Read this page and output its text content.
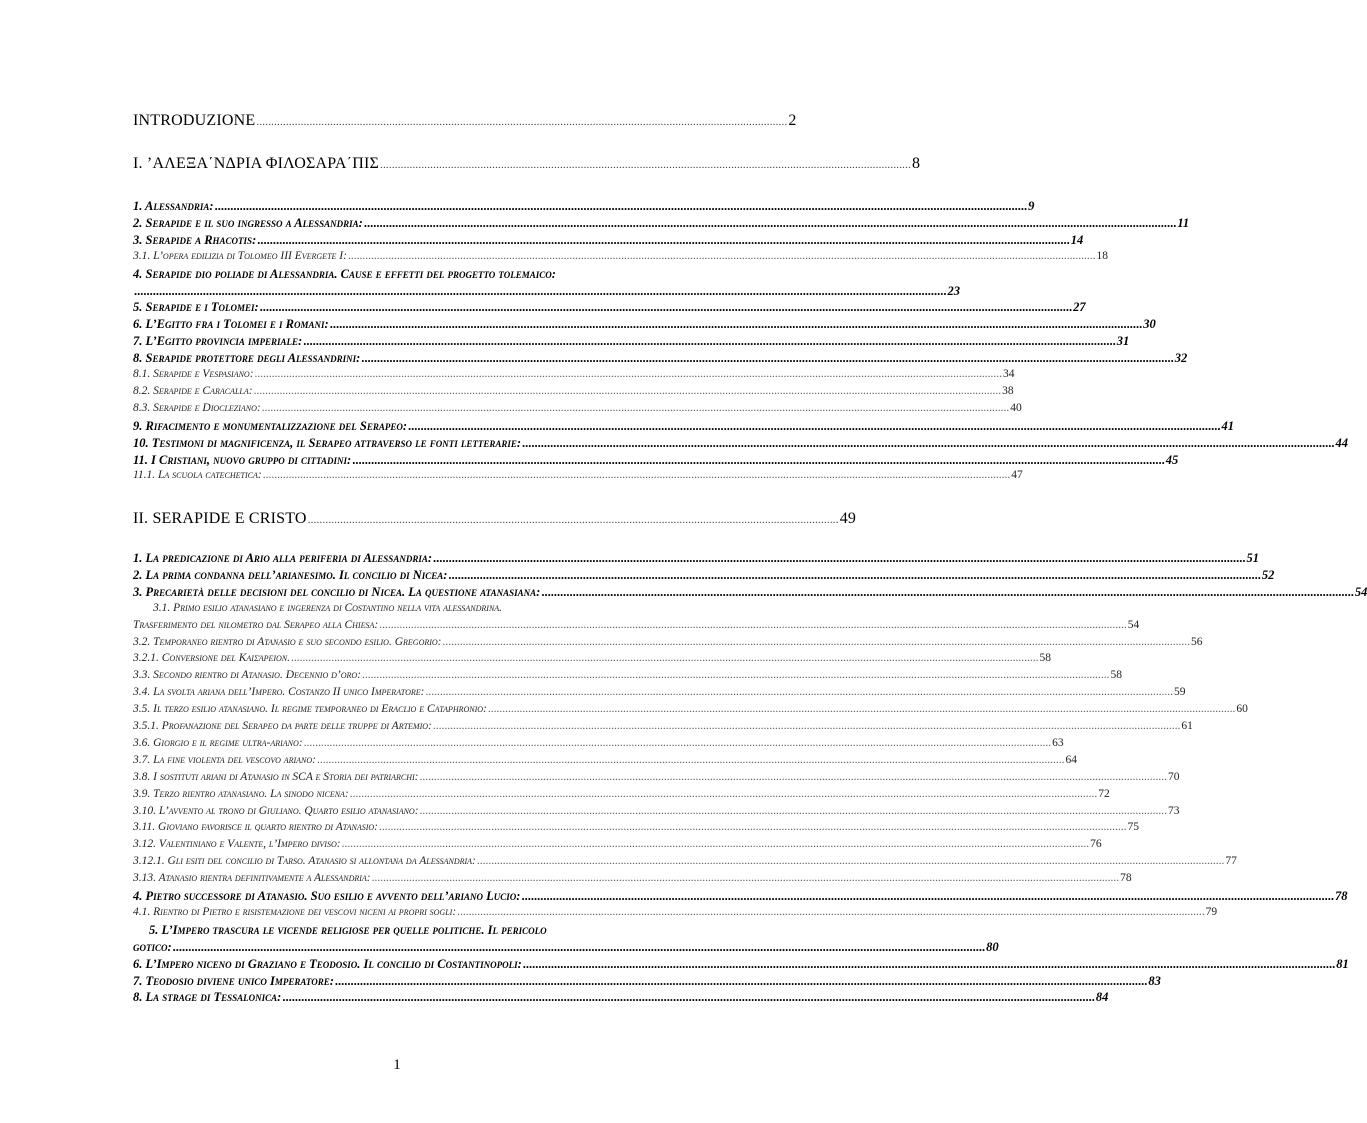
INTRODUZIONE .................................................................................................................................................................................... 2
I. ’ΑΛΕΞΑ΄ΝΔΡΙΑ ΦΙΛΟΣΑΡΑ΄ΠΙΣ .................................................................................................................................................................................... 8
1. Alessandria: .................................................................................................................................................................................................................................................................... 9
2. Serapide e il suo ingresso a Alessandria: .................................................................................................................................................................................................................................................................... 11
3. Serapide a Rhacotis: .................................................................................................................................................................................................................................................................... 14
3.1. L’opera edilizia di Tolomeo III Evergete I: .................................................................................................................................................................................................................................................................... 18
4. Serapide dio poliade di Alessandria. Cause e effetti del progetto tolemaico:
.................................................................................................................................................................................................................................................................... 23
5. Serapide e i Tolomei: .................................................................................................................................................................................................................................................................... 27
6. L’Egitto fra i Tolomei e i Romani: .................................................................................................................................................................................................................................................................... 30
7. L’Egitto provincia imperiale: .................................................................................................................................................................................................................................................................... 31
8. Serapide protettore degli Alessandrini: .................................................................................................................................................................................................................................................................... 32
8.1. Serapide e Vespasiano: .................................................................................................................................................................................................................................................................... 34
8.2. Serapide e Caracalla: .................................................................................................................................................................................................................................................................... 38
8.3. Serapide e Diocleziano: .................................................................................................................................................................................................................................................................... 40
9. Rifacimento e monumentalizzazione del Serapeo: .................................................................................................................................................................................................................................................................... 41
10. Testimoni di magnificenza, il Serapeo attraverso le fonti letterarie: .................................................................................................................................................................................................................................................................... 44
11. I Cristiani, nuovo gruppo di cittadini: .................................................................................................................................................................................................................................................................... 45
11.1. La scuola catechetica: .................................................................................................................................................................................................................................................................... 47
II. SERAPIDE E CRISTO .................................................................................................................................................................................... 49
1. La predicazione di Ario alla periferia di Alessandria: .................................................................................................................................................................................................................................................................... 51
2. La prima condanna dell’arianesimo. Il concilio di Nicea: .................................................................................................................................................................................................................................................................... 52
3. Precarietà delle decisioni del concilio di Nicea. La questione atanasiana: .................................................................................................................................................................................................................................................................... 54
3.1. Primo esilio atanasiano e ingerenza di Costantino nella vita alessandrina.
Trasferimento del nilometro dal Serapeo alla Chiesa: .................................................................................................................................................................................................................................................................... 54
3.2. Temporaneo rientro di Atanasio e suo secondo esilio. Gregorio: .................................................................................................................................................................................................................................................................... 56
3.2.1. Conversione del Καισάρειον. .................................................................................................................................................................................................................................................................... 58
3.3. Secondo rientro di Atanasio. Decennio d’oro: .................................................................................................................................................................................................................................................................... 58
3.4. La svolta ariana dell’Impero. Costanzo II unico Imperatore: .................................................................................................................................................................................................................................................................... 59
3.5. Il terzo esilio atanasiano. Il regime temporaneo di Eraclio e Cataphronio: .................................................................................................................................................................................................................................................................... 60
3.5.1. Profanazione del Serapeo da parte delle truppe di Artemio: .................................................................................................................................................................................................................................................................... 61
3.6. Giorgio e il regime ultra-ariano: .................................................................................................................................................................................................................................................................... 63
3.7. La fine violenta del vescovo ariano: .................................................................................................................................................................................................................................................................... 64
3.8. I sostituti ariani di Atanasio in SCA e Storia dei patriarchi: .................................................................................................................................................................................................................................................................... 70
3.9. Terzo rientro atanasiano. La sinodo nicena: .................................................................................................................................................................................................................................................................... 72
3.10. L’avvento al trono di Giuliano. Quarto esilio atanasiano: .................................................................................................................................................................................................................................................................... 73
3.11. Gioviano favorisce il quarto rientro di Atanasio: .................................................................................................................................................................................................................................................................... 75
3.12. Valentiniano e Valente, l’Impero diviso: .................................................................................................................................................................................................................................................................... 76
3.12.1. Gli esiti del concilio di Tarso. Atanasio si allontana da Alessandria: .................................................................................................................................................................................................................................................................... 77
3.13. Atanasio rientra definitivamente a Alessandria: .................................................................................................................................................................................................................................................................... 78
4. Pietro successore di Atanasio. Suo esilio e avvento dell’ariano Lucio: .................................................................................................................................................................................................................................................................... 78
4.1. Rientro di Pietro e risistemazione dei vescovi niceni ai propri sogli: .................................................................................................................................................................................................................................................................... 79
5. L’Impero trascura le vicende religiose per quelle politiche. Il pericolo
gotico: .................................................................................................................................................................................................................................................................... 80
6. L’Impero niceno di Graziano e Teodosio. Il concilio di Costantinopoli: .................................................................................................................................................................................................................................................................... 81
7. Teodosio diviene unico Imperatore: .................................................................................................................................................................................................................................................................... 83
8. La strage di Tessalonica: .................................................................................................................................................................................................................................................................... 84
1
